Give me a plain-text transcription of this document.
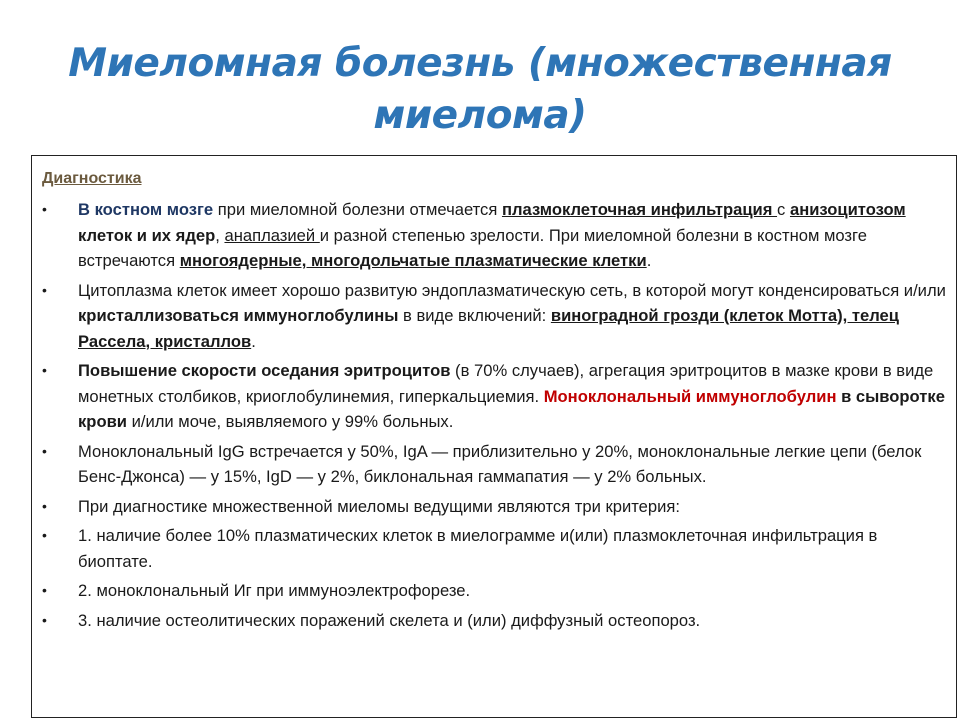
Миеломная болезнь (множественная
миелома)
Диагностика
• В костном мозге при миеломной болезни отмечается плазмоклеточная инфильтрация с анизоцитозом клеток и их ядер, анаплазией и разной степенью зрелости. При миеломной болезни в костном мозге встречаются многоядерные, многодольчатые плазматические клетки.
• Цитоплазма клеток имеет хорошо развитую эндоплазматическую сеть, в которой могут конденсироваться и/или кристаллизоваться иммуноглобулины в виде включений: виноградной грозди (клеток Мотта), телец Рассела, кристаллов.
• Повышение скорости оседания эритроцитов (в 70% случаев), агрегация эритроцитов в мазке крови в виде монетных столбиков, криоглобулинемия, гиперкальциемия. Моноклональный иммуноглобулин в сыворотке крови и/или моче, выявляемого у 99% больных.
• Моноклональный IgG встречается у 50%, IgA — приблизительно у 20%, моноклональные легкие цепи (белок Бенс-Джонса) — у 15%, IgD — у 2%, биклональная гаммапатия — у 2% больных.
• При диагностике множественной миеломы ведущими являются три критерия:
• 1. наличие более 10% плазматических клеток в миелограмме и(или) плазмоклеточная инфильтрация в биоптате.
• 2. моноклональный Иг при иммуноэлектрофорезе.
• 3. наличие остеолитических поражений скелета и (или) диффузный остеопороз.
